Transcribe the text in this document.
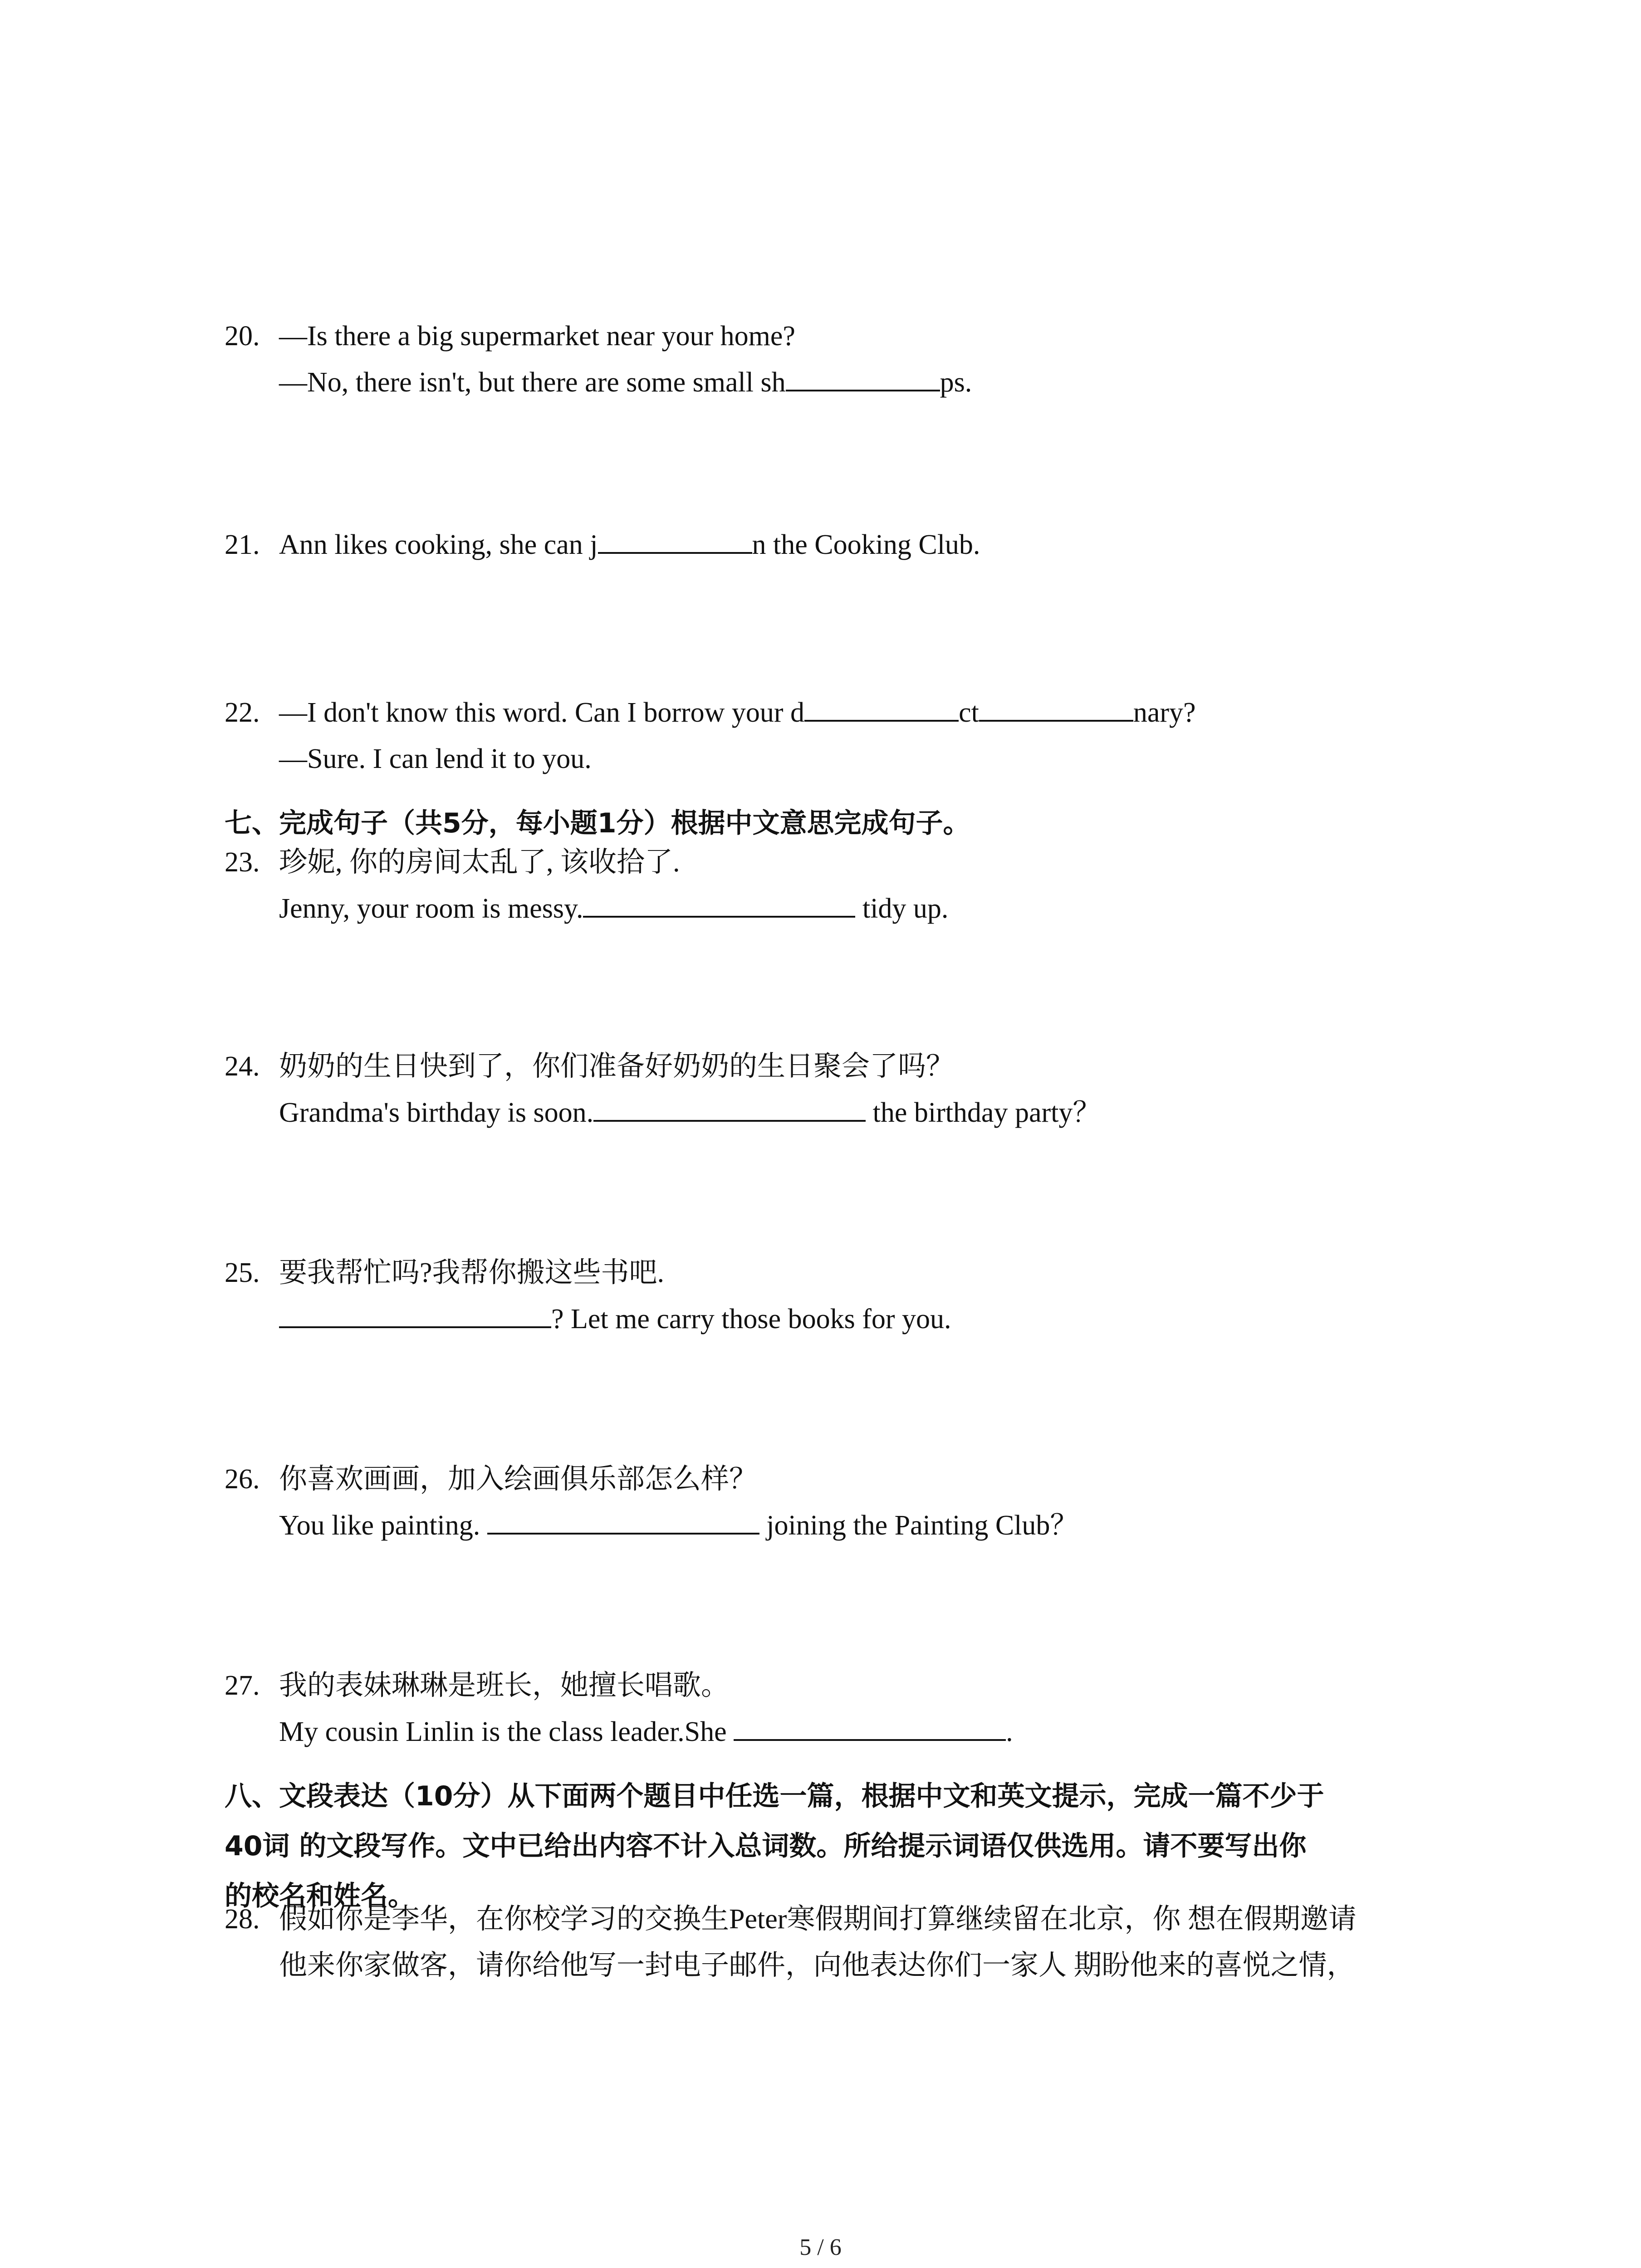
20. —Is there a big supermarket near your home?
—No, there isn't, but there are some small sh	ps.
21. Ann likes cooking, she can j	n the Cooking Club.
22. —I don't know this word. Can I borrow your d	ct	nary?
—Sure. I can lend it to you.
23. 珍妮, 你的房间太乱了, 该收拾了.
Jenny, your room is messy.	tidy up.
24. 奶奶的生日快到了，你们准备好奶奶的生日聚会了吗？
Grandma's birthday is soon.	the birthday party？
25. 要我帮忙吗?我帮你搬这些书吧.
? Let me carry those books for you.
26. 你喜欢画画，加入绘画俱乐部怎么样？
You like painting.	joining the Painting Club？
27. 我的表妹琳琳是班长，她擅长唱歌。
My cousin Linlin is the class leader.She	.
28. 假如你是李华，在你校学习的交换生Peter寒假期间打算继续留在北京，你 想在假期邀请
他来你家做客，请你给他写一封电子邮件，向他表达你们一家人 期盼他来的喜悦之情，
七、完成句子（共5分，每小题1分）根据中文意思完成句子。
八、文段表达（10分）从下面两个题目中任选一篇，根据中文和英文提示，完成一篇不少于
40词 的文段写作。文中已给出内容不计入总词数。所给提示词语仅供选用。请不要写出你
的校名和姓名。
5 / 6
